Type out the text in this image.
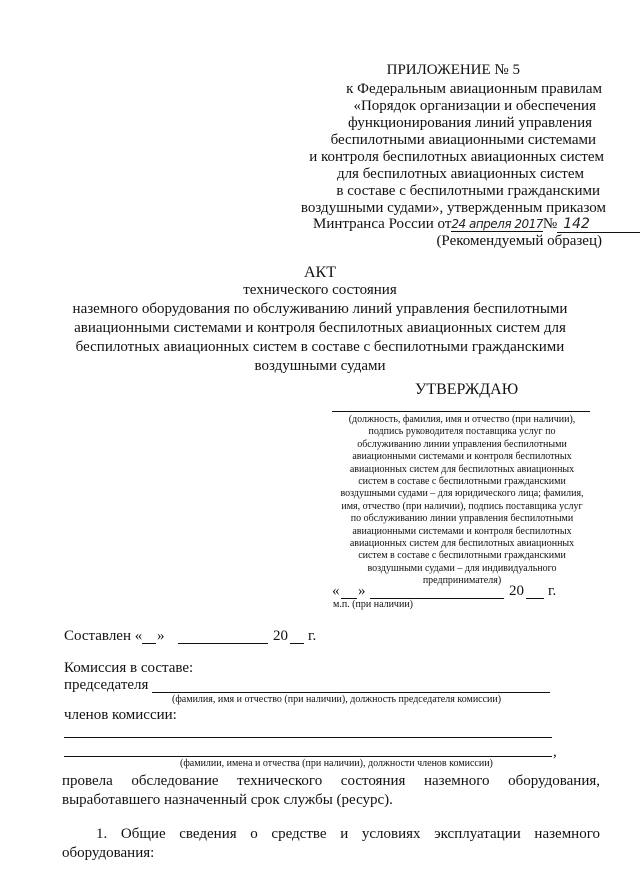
ПРИЛОЖЕНИЕ № 5
к Федеральным авиационным правилам
«Порядок организации и обеспечения
функционирования линий управления
беспилотными авиационными системами
и контроля беспилотных авиационных систем
для беспилотных авиационных систем
в составе с беспилотными гражданскими
воздушными судами», утвержденным приказом
Минтранса России от24 апреля 2017№ 142
(Рекомендуемый образец)
АКТ
технического состояния
наземного оборудования по обслуживанию линий управления беспилотными
авиационными системами и контроля беспилотных авиационных систем для
беспилотных авиационных систем в составе с беспилотными гражданскими
воздушными судами
УТВЕРЖДАЮ
(должность, фамилия, имя и отчество (при наличии),
подпись руководителя поставщика услуг по
обслуживанию линии управления беспилотными
авиационными системами и контроля беспилотных
авиационных систем для беспилотных авиационных
систем в составе с беспилотными гражданскими
воздушными судами – для юридического лица; фамилия,
имя, отчество (при наличии), подпись поставщика услуг
по обслуживанию линии управления беспилотными
авиационными системами и контроля беспилотных
авиационных систем для беспилотных авиационных
систем в составе с беспилотными гражданскими
воздушными судами – для индивидуального
предпринимателя)
« »	20 г.
м.п. (при наличии)
Составлен « »	20 г.
Комиссия в составе:
председателя
(фамилия, имя и отчество (при наличии), должность председателя комиссии)
членов комиссии:
,
(фамилии, имена и отчества (при наличии), должности членов комиссии)
провела обследование технического состояния наземного оборудования, выработавшего назначенный срок службы (ресурс).
1. Общие сведения о средстве и условиях эксплуатации наземного оборудования:
